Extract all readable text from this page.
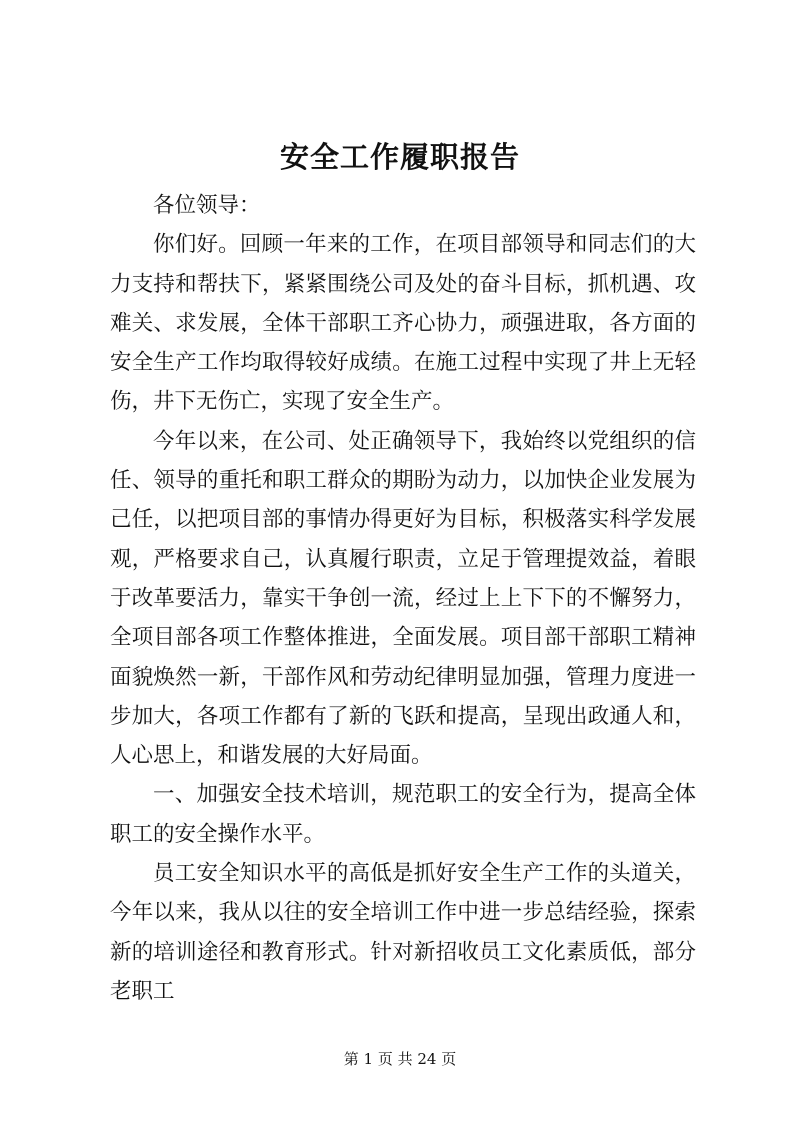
安全工作履职报告

各位领导：

你们好。回顾一年来的工作，在项目部领导和同志们的大力支持和帮扶下，紧紧围绕公司及处的奋斗目标，抓机遇、攻难关、求发展，全体干部职工齐心协力，顽强进取，各方面的安全生产工作均取得较好成绩。在施工过程中实现了井上无轻伤，井下无伤亡，实现了安全生产。

今年以来，在公司、处正确领导下，我始终以党组织的信任、领导的重托和职工群众的期盼为动力，以加快企业发展为己任，以把项目部的事情办得更好为目标，积极落实科学发展观，严格要求自己，认真履行职责，立足于管理提效益，着眼于改革要活力，靠实干争创一流，经过上上下下的不懈努力，全项目部各项工作整体推进，全面发展。项目部干部职工精神面貌焕然一新，干部作风和劳动纪律明显加强，管理力度进一步加大，各项工作都有了新的飞跃和提高，呈现出政通人和，人心思上，和谐发展的大好局面。

一、加强安全技术培训，规范职工的安全行为，提高全体职工的安全操作水平。

员工安全知识水平的高低是抓好安全生产工作的头道关，今年以来，我从以往的安全培训工作中进一步总结经验，探索新的培训途径和教育形式。针对新招收员工文化素质低，部分老职工

第 1 页 共 24 页
